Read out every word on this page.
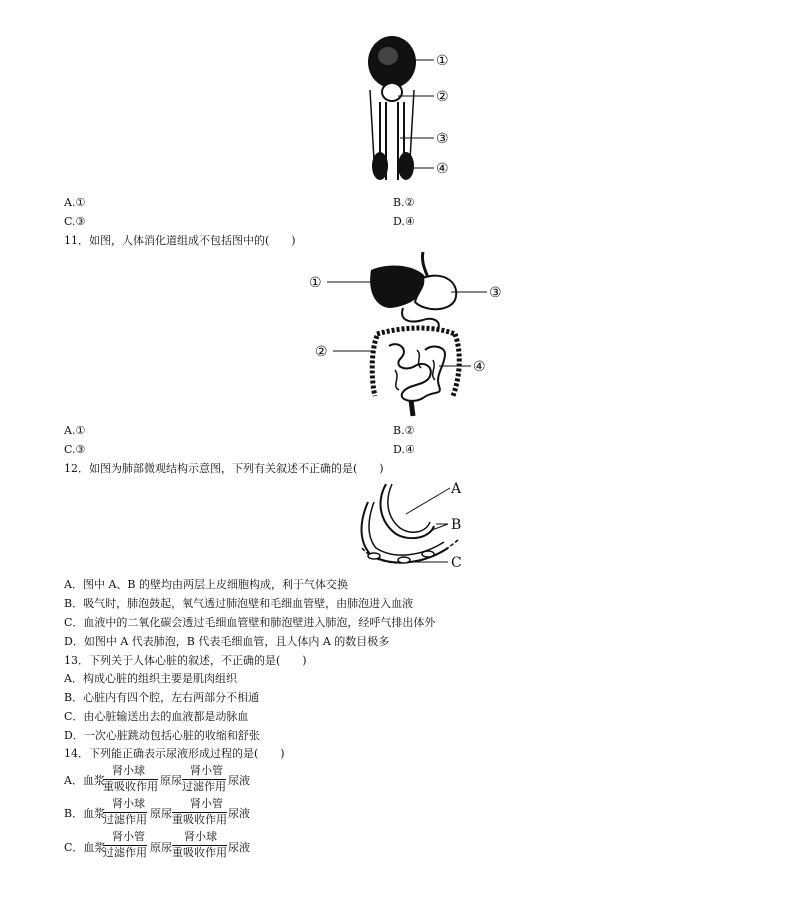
①
②
③
④
A.①	B.②
C.③	D.④
11．如图，人体消化道组成不包括图中的(　　)
①
③
②
④
A.①	B.②
C.③	D.④
12．如图为肺部微观结构示意图，下列有关叙述不正确的是(　　)
A
B
C
A．图中 A、B 的壁均由两层上皮细胞构成，利于气体交换
B．吸气时，肺泡鼓起，氧气透过肺泡壁和毛细血管壁，由肺泡进入血液
C．血液中的二氧化碳会透过毛细血管壁和肺泡壁进入肺泡，经呼气排出体外
D．如图中 A 代表肺泡，B 代表毛细血管，且人体内 A 的数目极多
13．下列关于人体心脏的叙述，不正确的是(　　)
A．构成心脏的组织主要是肌肉组织
B．心脏内有四个腔，左右两部分不相通
C．由心脏输送出去的血液都是动脉血
D．一次心脏跳动包括心脏的收缩和舒张
14．下列能正确表示尿液形成过程的是(　　)
A．血浆
肾小球
重吸收作用 原尿
肾小管
过滤作用 尿液
B．血浆
肾小球
过滤作用 原尿
肾小管
重吸收作用 尿液
C．血浆
肾小管
过滤作用 原尿
肾小球
重吸收作用 尿液
